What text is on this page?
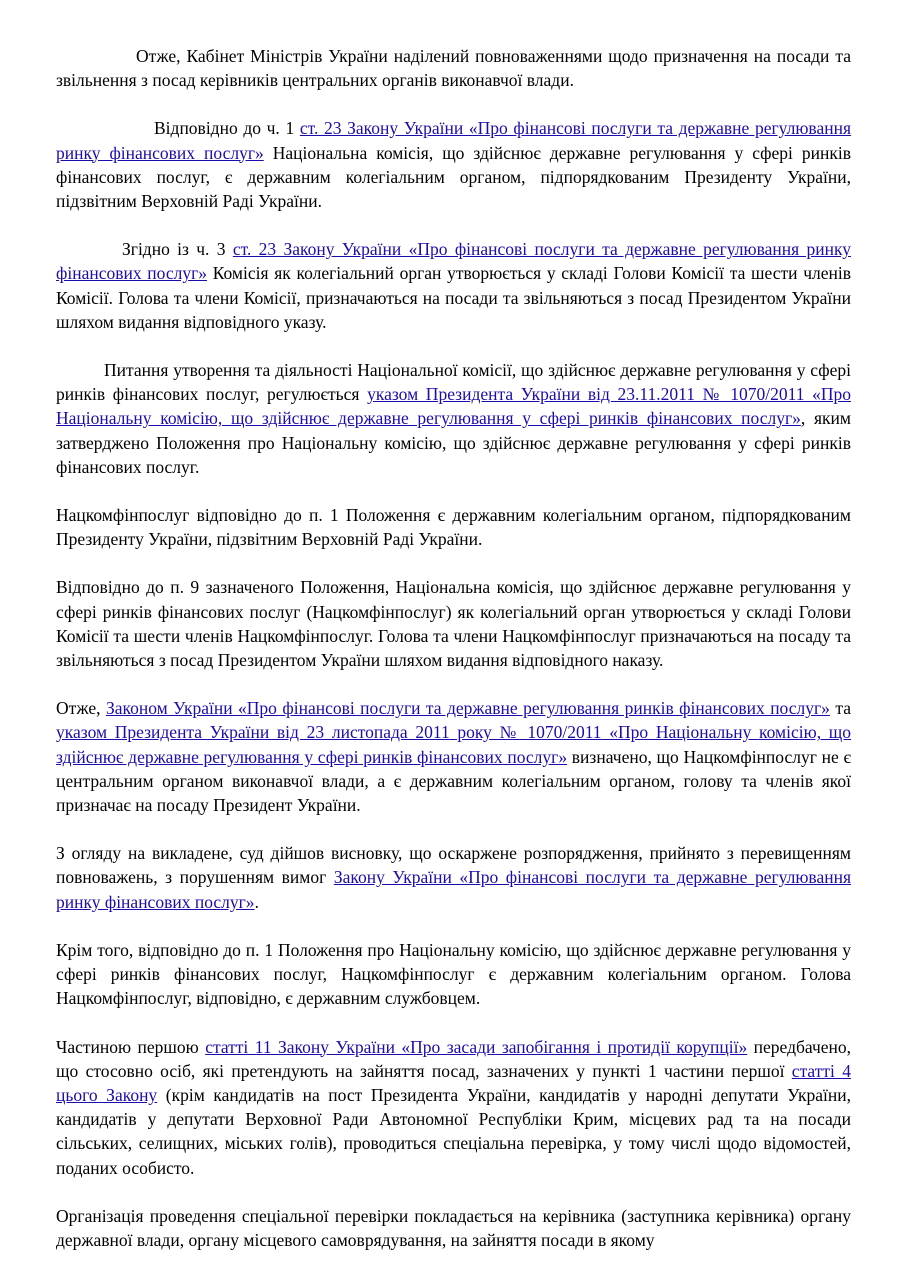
Отже, Кабінет Міністрів України наділений повноваженнями щодо призначення на посади та звільнення з посад керівників центральних органів виконавчої влади.

Відповідно до ч. 1 ст. 23 Закону України «Про фінансові послуги та державне регулювання ринку фінансових послуг» Національна комісія, що здійснює державне регулювання у сфері ринків фінансових послуг, є державним колегіальним органом, підпорядкованим Президенту України, підзвітним Верховній Раді України.

Згідно із ч. 3 ст. 23 Закону України «Про фінансові послуги та державне регулювання ринку фінансових послуг» Комісія як колегіальний орган утворюється у складі Голови Комісії та шести членів Комісії. Голова та члени Комісії, призначаються на посади та звільняються з посад Президентом України шляхом видання відповідного указу.

Питання утворення та діяльності Національної комісії, що здійснює державне регулювання у сфері ринків фінансових послуг, регулюється указом Президента України від 23.11.2011 № 1070/2011 «Про Національну комісію, що здійснює державне регулювання у сфері ринків фінансових послуг», яким затверджено Положення про Національну комісію, що здійснює державне регулювання у сфері ринків фінансових послуг.

Нацкомфінпослуг відповідно до п. 1 Положення є державним колегіальним органом, підпорядкованим Президенту України, підзвітним Верховній Раді України.

Відповідно до п. 9 зазначеного Положення, Національна комісія, що здійснює державне регулювання у сфері ринків фінансових послуг (Нацкомфінпослуг) як колегіальний орган утворюється у складі Голови Комісії та шести членів Нацкомфінпослуг. Голова та члени Нацкомфінпослуг призначаються на посаду та звільняються з посад Президентом України шляхом видання відповідного наказу.

Отже, Законом України «Про фінансові послуги та державне регулювання ринків фінансових послуг» та указом Президента України від 23 листопада 2011 року № 1070/2011 «Про Національну комісію, що здійснює державне регулювання у сфері ринків фінансових послуг» визначено, що Нацкомфінпослуг не є центральним органом виконавчої влади, а є державним колегіальним органом, голову та членів якої призначає на посаду Президент України.

З огляду на викладене, суд дійшов висновку, що оскаржене розпорядження, прийнято з перевищенням повноважень, з порушенням вимог Закону України «Про фінансові послуги та державне регулювання ринку фінансових послуг».

Крім того, відповідно до п. 1 Положення про Національну комісію, що здійснює державне регулювання у сфері ринків фінансових послуг, Нацкомфінпослуг є державним колегіальним органом. Голова Нацкомфінпослуг, відповідно, є державним службовцем.

Частиною першою статті 11 Закону України «Про засади запобігання і протидії корупції» передбачено, що стосовно осіб, які претендують на зайняття посад, зазначених у пункті 1 частини першої статті 4 цього Закону (крім кандидатів на пост Президента України, кандидатів у народні депутати України, кандидатів у депутати Верховної Ради Автономної Республіки Крим, місцевих рад та на посади сільських, селищних, міських голів), проводиться спеціальна перевірка, у тому числі щодо відомостей, поданих особисто.

Організація проведення спеціальної перевірки покладається на керівника (заступника керівника) органу державної влади, органу місцевого самоврядування, на зайняття посади в якому
